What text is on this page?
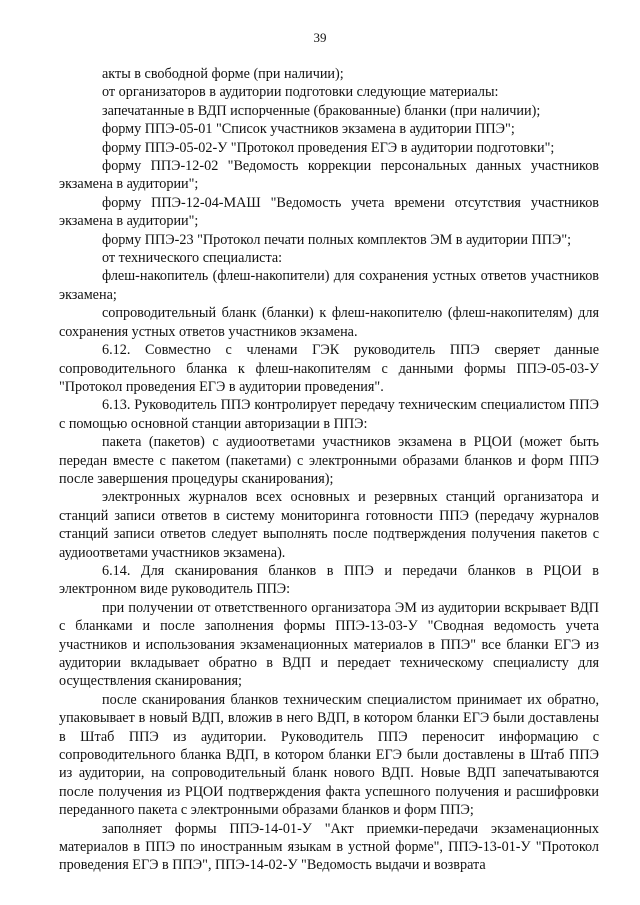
39

акты в свободной форме (при наличии);

от организаторов в аудитории подготовки следующие материалы:

запечатанные в ВДП испорченные (бракованные) бланки (при наличии);

форму ППЭ-05-01 "Список участников экзамена в аудитории ППЭ";

форму ППЭ-05-02-У "Протокол проведения ЕГЭ в аудитории подготовки";

форму ППЭ-12-02 "Ведомость коррекции персональных данных участников экзамена в аудитории";

форму ППЭ-12-04-МАШ "Ведомость учета времени отсутствия участников экзамена в аудитории";

форму ППЭ-23 "Протокол печати полных комплектов ЭМ в аудитории ППЭ";

от технического специалиста:

флеш-накопитель (флеш-накопители) для сохранения устных ответов участников экзамена;

сопроводительный бланк (бланки) к флеш-накопителю (флеш-накопителям) для сохранения устных ответов участников экзамена.

6.12. Совместно с членами ГЭК руководитель ППЭ сверяет данные сопроводительного бланка к флеш-накопителям с данными формы ППЭ-05-03-У "Протокол проведения ЕГЭ в аудитории проведения".

6.13. Руководитель ППЭ контролирует передачу техническим специалистом ППЭ с помощью основной станции авторизации в ППЭ:

пакета (пакетов) с аудиоответами участников экзамена в РЦОИ (может быть передан вместе с пакетом (пакетами) с электронными образами бланков и форм ППЭ после завершения процедуры сканирования);

электронных журналов всех основных и резервных станций организатора и станций записи ответов в систему мониторинга готовности ППЭ (передачу журналов станций записи ответов следует выполнять после подтверждения получения пакетов с аудиоответами участников экзамена).

6.14. Для сканирования бланков в ППЭ и передачи бланков в РЦОИ в электронном виде руководитель ППЭ:

при получении от ответственного организатора ЭМ из аудитории вскрывает ВДП с бланками и после заполнения формы ППЭ-13-03-У "Сводная ведомость учета участников и использования экзаменационных материалов в ППЭ" все бланки ЕГЭ из аудитории вкладывает обратно в ВДП и передает техническому специалисту для осуществления сканирования;

после сканирования бланков техническим специалистом принимает их обратно, упаковывает в новый ВДП, вложив в него ВДП, в котором бланки ЕГЭ были доставлены в Штаб ППЭ из аудитории. Руководитель ППЭ переносит информацию с сопроводительного бланка ВДП, в котором бланки ЕГЭ были доставлены в Штаб ППЭ из аудитории, на сопроводительный бланк нового ВДП. Новые ВДП запечатываются после получения из РЦОИ подтверждения факта успешного получения и расшифровки переданного пакета с электронными образами бланков и форм ППЭ;

заполняет формы ППЭ-14-01-У "Акт приемки-передачи экзаменационных материалов в ППЭ по иностранным языкам в устной форме", ППЭ-13-01-У "Протокол проведения ЕГЭ в ППЭ", ППЭ-14-02-У "Ведомость выдачи и возврата
